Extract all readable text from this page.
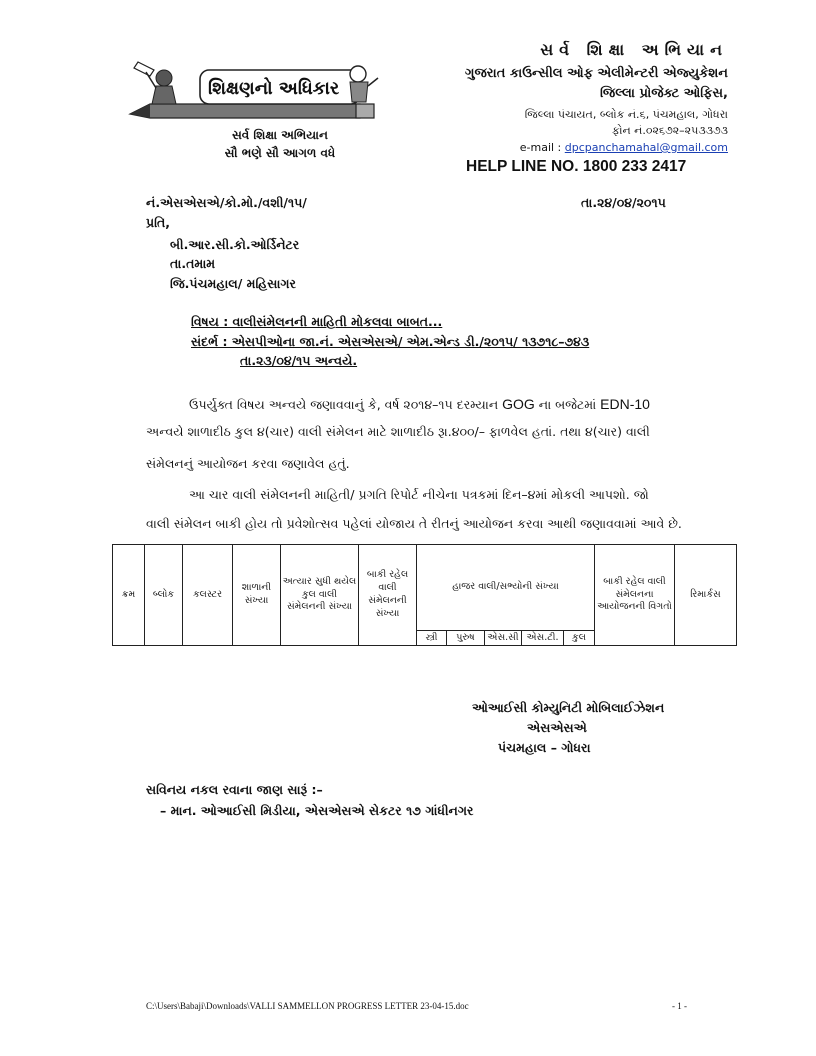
શિક્ષણનો અધિકાર
સર્વ શિક્ષા અભિયાન
સૌ ભણે સૌ આગળ વધે
સર્વ શિક્ષા અભિયાન
ગુજરાત કાઉન્સીલ ઓફ એલીમેન્ટરી એજ્યુકેશન
જિલ્લા પ્રોજેક્ટ ઓફિસ,
જિલ્લા પંચાયત, બ્લોક નં.૬, પંચમહાલ, ગોધરા
ફોન નં.૦૨૬૭૨–૨૫૩૩૭૩
e-mail : dpcpanchamahal@gmail.com
HELP LINE NO. 1800 233 2417
નં.એસએસએ/કો.મો./વશી/૧૫/	તા.૨૪/૦૪/૨૦૧૫
પ્રતિ,
બી.આર.સી.કો.ઓર્ડિનેટર
તા.તમામ
જિ.પંચમહાલ/ મહિસાગર
વિષય : વાલીસંમેલનની માહિતી મોકલવા બાબત...
સંદર્ભ : એસપીઓના જા.નં. એસએસએ/ એમ.એન્ડ ડી./૨૦૧૫/ ૧૩૭૧૮–૭૪૩
તા.૨૩/૦૪/૧૫ અન્વયે.
ઉપર્યુક્ત વિષય અન્વયે જણાવવાનું કે, વર્ષ ૨૦૧૪–૧૫ દરમ્યાન GOG ના બજેટમાં EDN-10
અન્વયે શાળાદીઠ કુલ ૪(ચાર) વાલી સંમેલન માટે શાળાદીઠ રૂા.૪૦૦/– ફાળવેલ હતાં. તથા ૪(ચાર) વાલી
સંમેલનનું આયોજન કરવા જણાવેલ હતું.
આ ચાર વાલી સંમેલનની માહિતી/ પ્રગતિ રિપોર્ટ નીચેના પત્રકમાં દિન–૪માં મોકલી આપશો. જો
વાલી સંમેલન બાકી હોય તો પ્રવેશોત્સવ પહેલાં યોજાય તે રીતનું આયોજન કરવા આથી જણાવવામાં આવે છે.
ક્રમ	બ્લોક	કલસ્ટર	શાળાની સંખ્યા	અત્યાર સુધી થયેલ કુલ વાલી સંમેલનની સંખ્યા	બાકી રહેલ વાલી સંમેલનની સંખ્યા	હાજર વાલી/સભ્યોની સંખ્યા					બાકી રહેલ વાલી સંમેલનના આયોજનની વિગતો	રિમાર્કસ
						સ્ત્રી	પુરુષ	એસ.સી	એસ.ટી.	કુલ		
ઓઆઈસી કોમ્યુનિટી મોબિલાઈઝેશન
એસએસએ
પંચમહાલ – ગોધરા
સવિનય નકલ રવાના જાણ સારૂં :–
– માન. ઓઆઈસી મિડીયા, એસએસએ સેકટર ૧૭ ગાંધીનગર
C:\Users\Babaji\Downloads\VALLI SAMMELLON PROGRESS LETTER 23-04-15.doc	- 1 -
